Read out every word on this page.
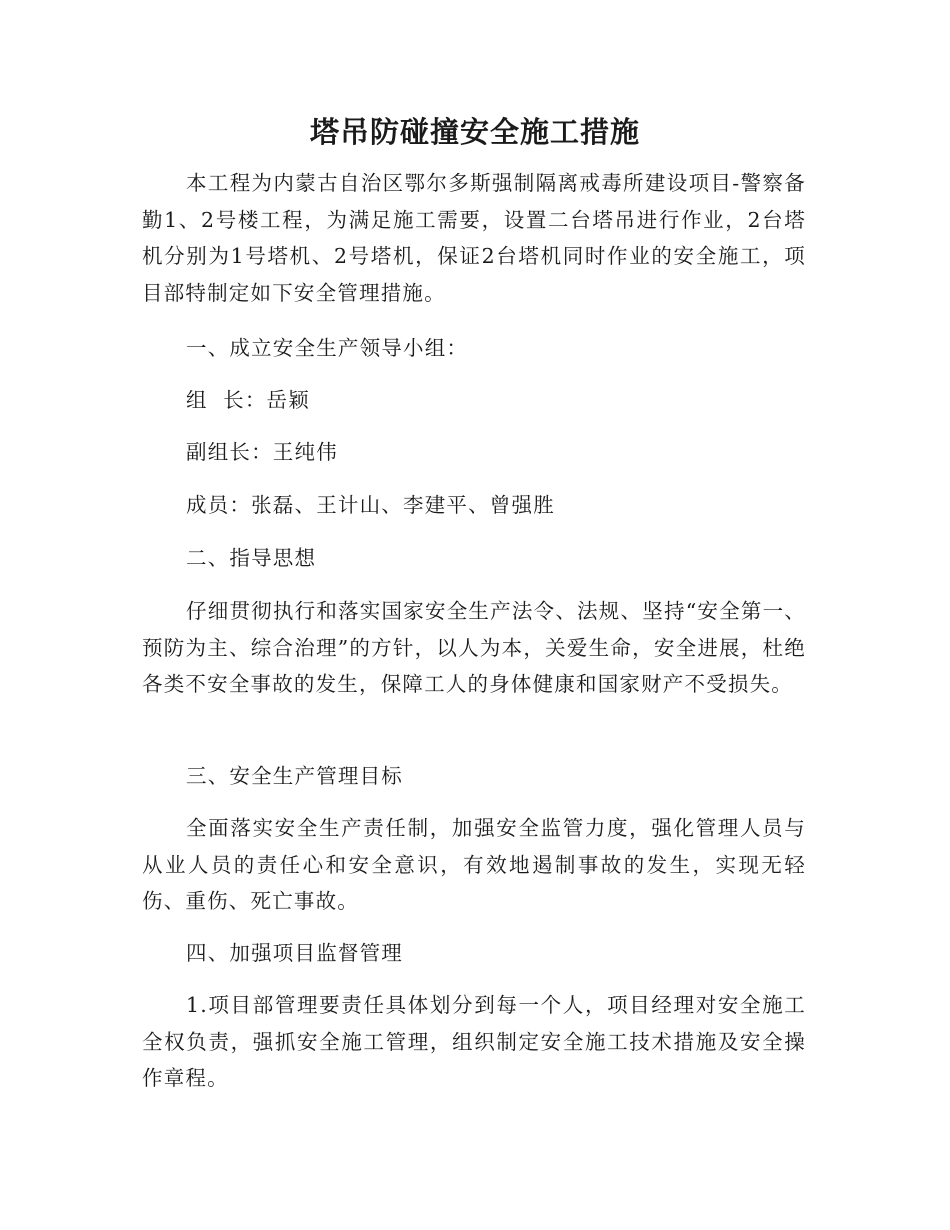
塔吊防碰撞安全施工措施

本工程为内蒙古自治区鄂尔多斯强制隔离戒毒所建设项目-警察备勤1、2号楼工程，为满足施工需要，设置二台塔吊进行作业，2台塔机分别为1号塔机、2号塔机，保证2台塔机同时作业的安全施工，项目部特制定如下安全管理措施。

一、成立安全生产领导小组：

组  长：岳颖

副组长：王纯伟

成员：张磊、王计山、李建平、曾强胜

二、指导思想

仔细贯彻执行和落实国家安全生产法令、法规、坚持“安全第一、预防为主、综合治理”的方针，以人为本，关爱生命，安全进展，杜绝各类不安全事故的发生，保障工人的身体健康和国家财产不受损失。

三、安全生产管理目标

全面落实安全生产责任制，加强安全监管力度，强化管理人员与从业人员的责任心和安全意识，有效地遏制事故的发生，实现无轻伤、重伤、死亡事故。

四、加强项目监督管理

1.项目部管理要责任具体划分到每一个人，项目经理对安全施工全权负责，强抓安全施工管理，组织制定安全施工技术措施及安全操作章程。
